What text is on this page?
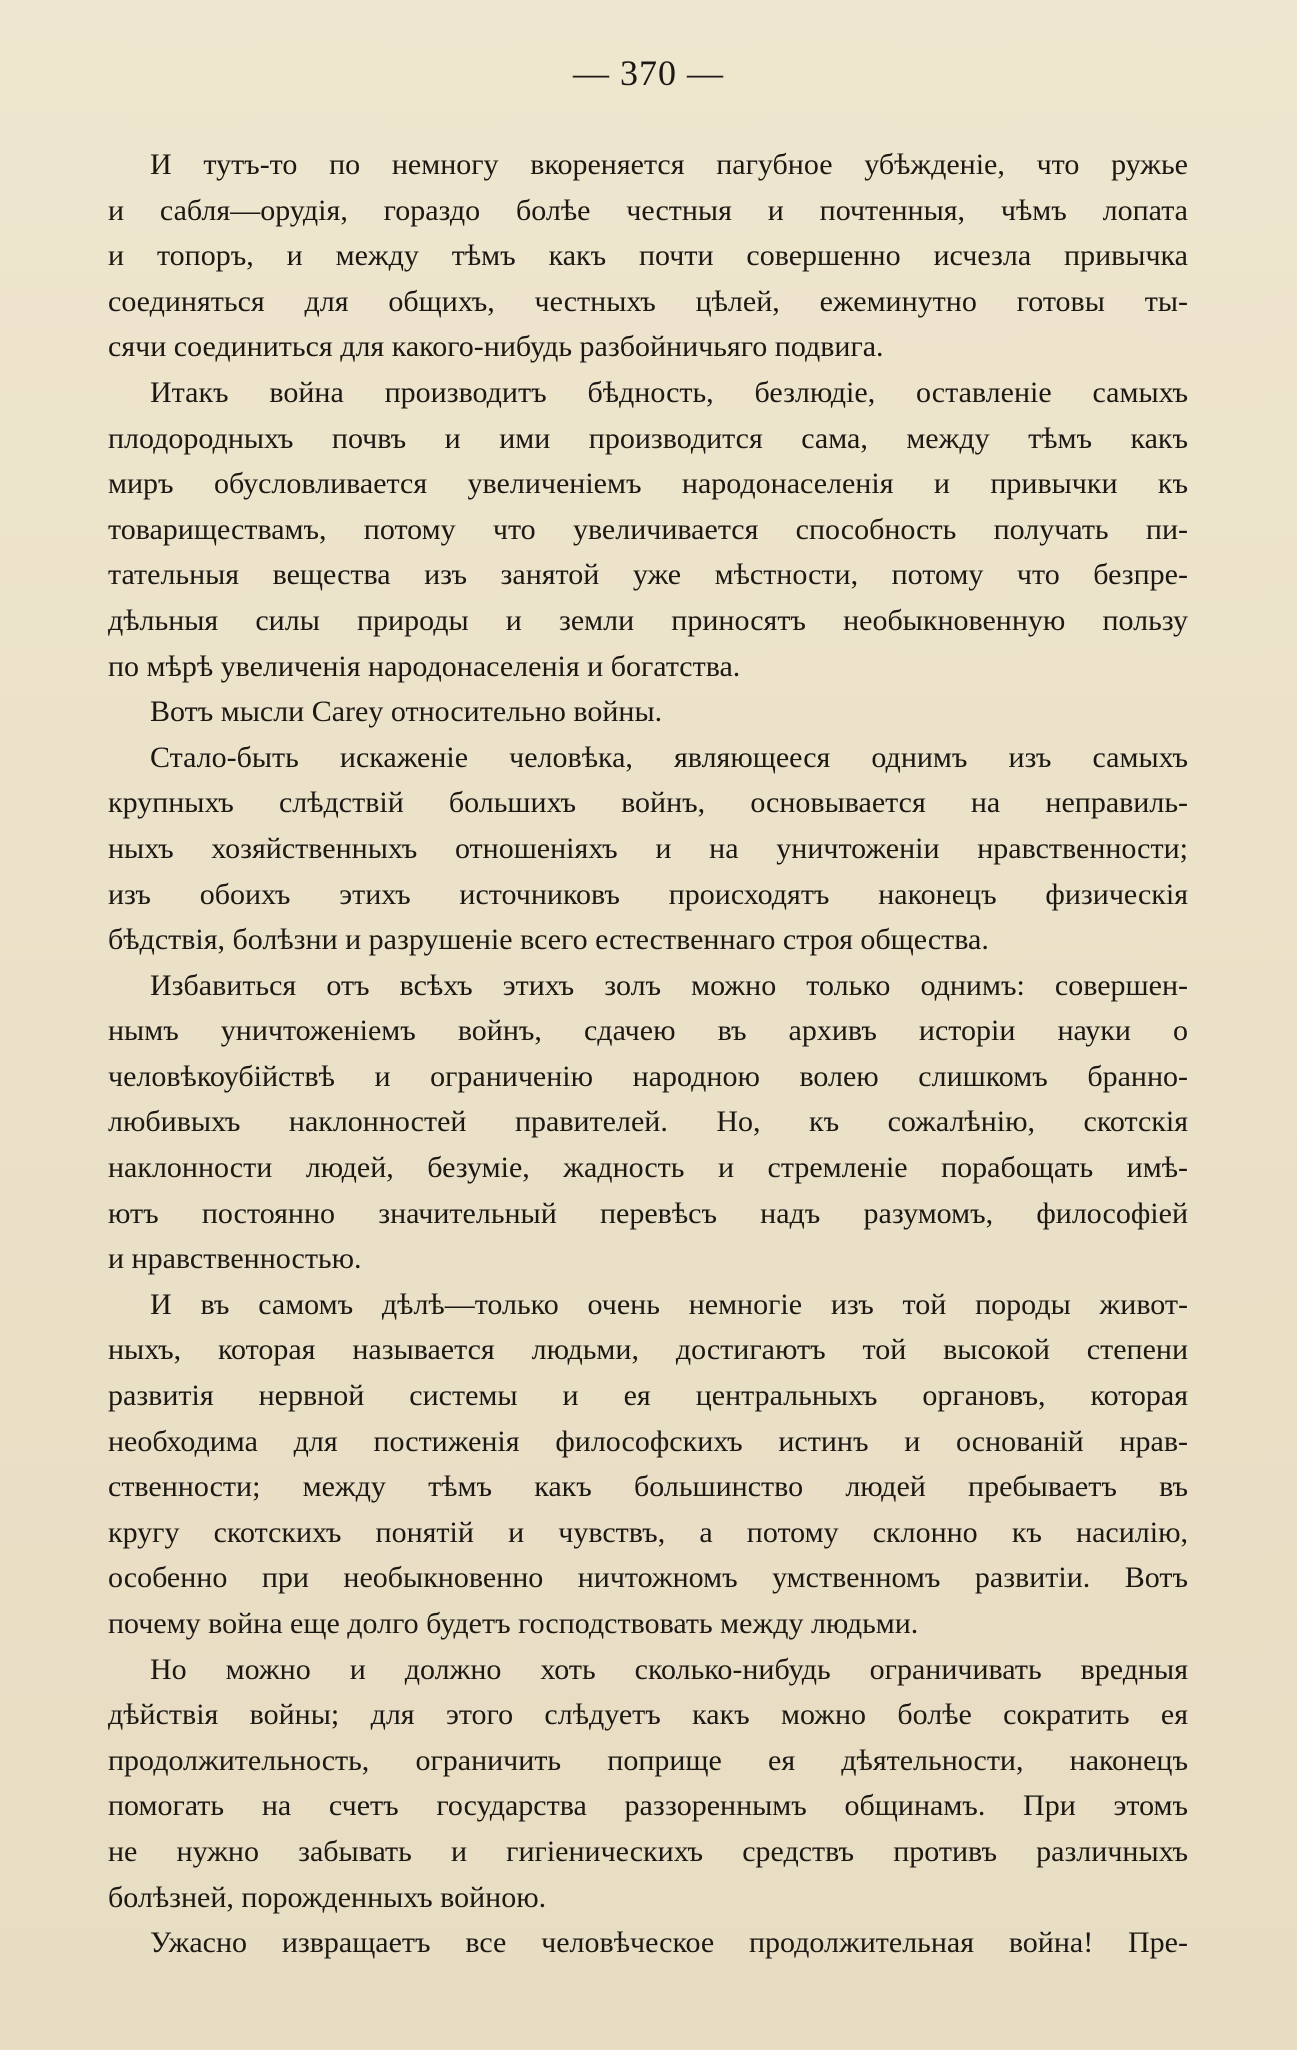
— 370 —
И тутъ-то по немногу вкореняется пагубное убѣжденіе, что ружье
и сабля—орудія, гораздо болѣе честныя и почтенныя, чѣмъ лопата
и топоръ, и между тѣмъ какъ почти совершенно исчезла привычка
соединяться для общихъ, честныхъ цѣлей, ежеминутно готовы ты-
сячи соединиться для какого-нибудь разбойничьяго подвига.
Итакъ война производитъ бѣдность, безлюдіе, оставленіе самыхъ
плодородныхъ почвъ и ими производится сама, между тѣмъ какъ
миръ обусловливается увеличеніемъ народонаселенія и привычки къ
товариществамъ, потому что увеличивается способность получать пи-
тательныя вещества изъ занятой уже мѣстности, потому что безпре-
дѣльныя силы природы и земли приносятъ необыкновенную пользу
по мѣрѣ увеличенія народонаселенія и богатства.
Вотъ мысли Carey относительно войны.
Стало-быть искаженіе человѣка, являющееся однимъ изъ самыхъ
крупныхъ слѣдствій большихъ войнъ, основывается на неправиль-
ныхъ хозяйственныхъ отношеніяхъ и на уничтоженіи нравственности;
изъ обоихъ этихъ источниковъ происходятъ наконецъ физическія
бѣдствія, болѣзни и разрушеніе всего естественнаго строя общества.
Избавиться отъ всѣхъ этихъ золъ можно только однимъ: совершен-
нымъ уничтоженіемъ войнъ, сдачею въ архивъ исторіи науки о
человѣкоубійствѣ и ограниченію народною волею слишкомъ бранно-
любивыхъ наклонностей правителей. Но, къ сожалѣнію, скотскія
наклонности людей, безуміе, жадность и стремленіе порабощать имѣ-
ютъ постоянно значительный перевѣсъ надъ разумомъ, философіей
и нравственностью.
И въ самомъ дѣлѣ—только очень немногіе изъ той породы живот-
ныхъ, которая называется людьми, достигаютъ той высокой степени
развитія нервной системы и ея центральныхъ органовъ, которая
необходима для постиженія философскихъ истинъ и основаній нрав-
ственности; между тѣмъ какъ большинство людей пребываетъ въ
кругу скотскихъ понятій и чувствъ, а потому склонно къ насилію,
особенно при необыкновенно ничтожномъ умственномъ развитіи. Вотъ
почему война еще долго будетъ господствовать между людьми.
Но можно и должно хоть сколько-нибудь ограничивать вредныя
дѣйствія войны; для этого слѣдуетъ какъ можно болѣе сократить ея
продолжительность, ограничить поприще ея дѣятельности, наконецъ
помогать на счетъ государства раззореннымъ общинамъ. При этомъ
не нужно забывать и гигіеническихъ средствъ противъ различныхъ
болѣзней, порожденныхъ войною.
Ужасно извращаетъ все человѣческое продолжительная война! Пре-
